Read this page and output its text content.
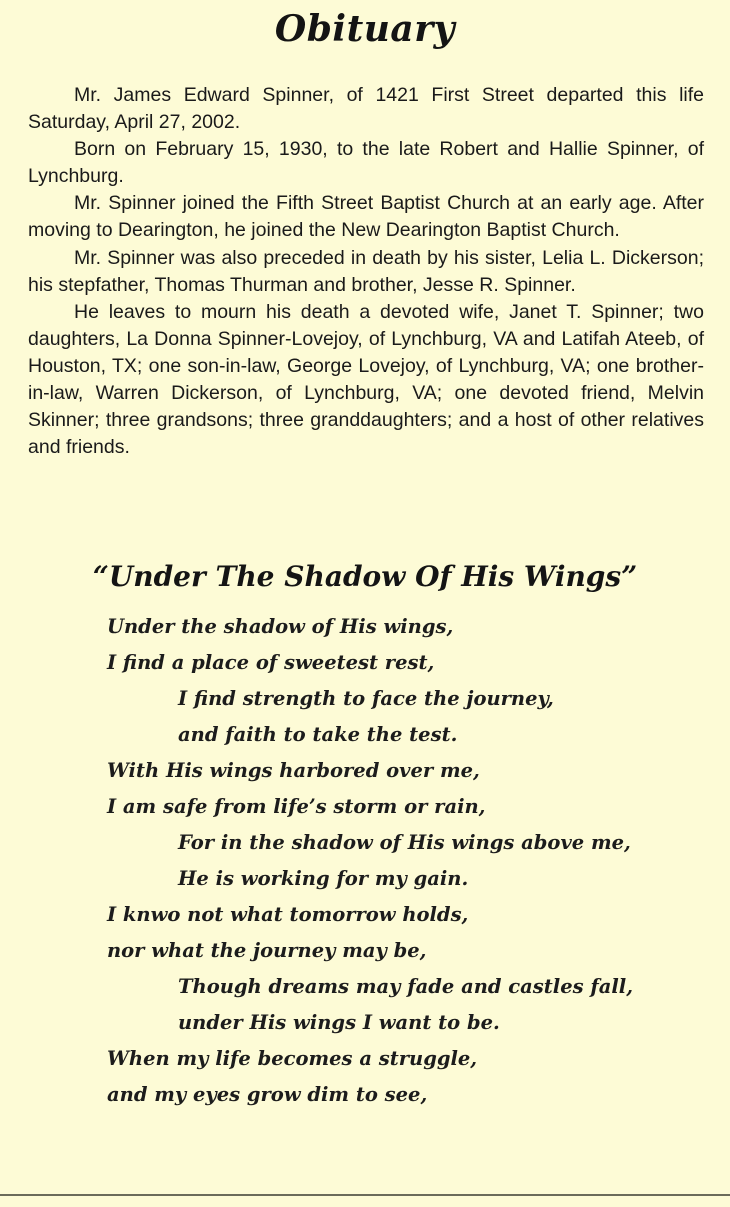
Obituary

Mr. James Edward Spinner, of 1421 First Street departed this life Saturday, April 27, 2002.

Born on February 15, 1930, to the late Robert and Hallie Spinner, of Lynchburg.

Mr. Spinner joined the Fifth Street Baptist Church at an early age. After moving to Dearington, he joined the New Dearington Baptist Church.

Mr. Spinner was also preceded in death by his sister, Lelia L. Dickerson; his stepfather, Thomas Thurman and brother, Jesse R. Spinner.

He leaves to mourn his death a devoted wife, Janet T. Spinner; two daughters, La Donna Spinner-Lovejoy, of Lynchburg, VA and Latifah Ateeb, of Houston, TX; one son-in-law, George Lovejoy, of Lynchburg, VA; one brother-in-law, Warren Dickerson, of Lynchburg, VA; one devoted friend, Melvin Skinner; three grandsons; three granddaughters; and a host of other relatives and friends.

“Under The Shadow Of His Wings”
Under the shadow of His wings,
I find a place of sweetest rest,
I find strength to face the journey,
and faith to take the test.
With His wings harbored over me,
I am safe from life’s storm or rain,
For in the shadow of His wings above me,
He is working for my gain.
I knwo not what tomorrow holds,
nor what the journey may be,
Though dreams may fade and castles fall,
under His wings I want to be.
When my life becomes a struggle,
and my eyes grow dim to see,
